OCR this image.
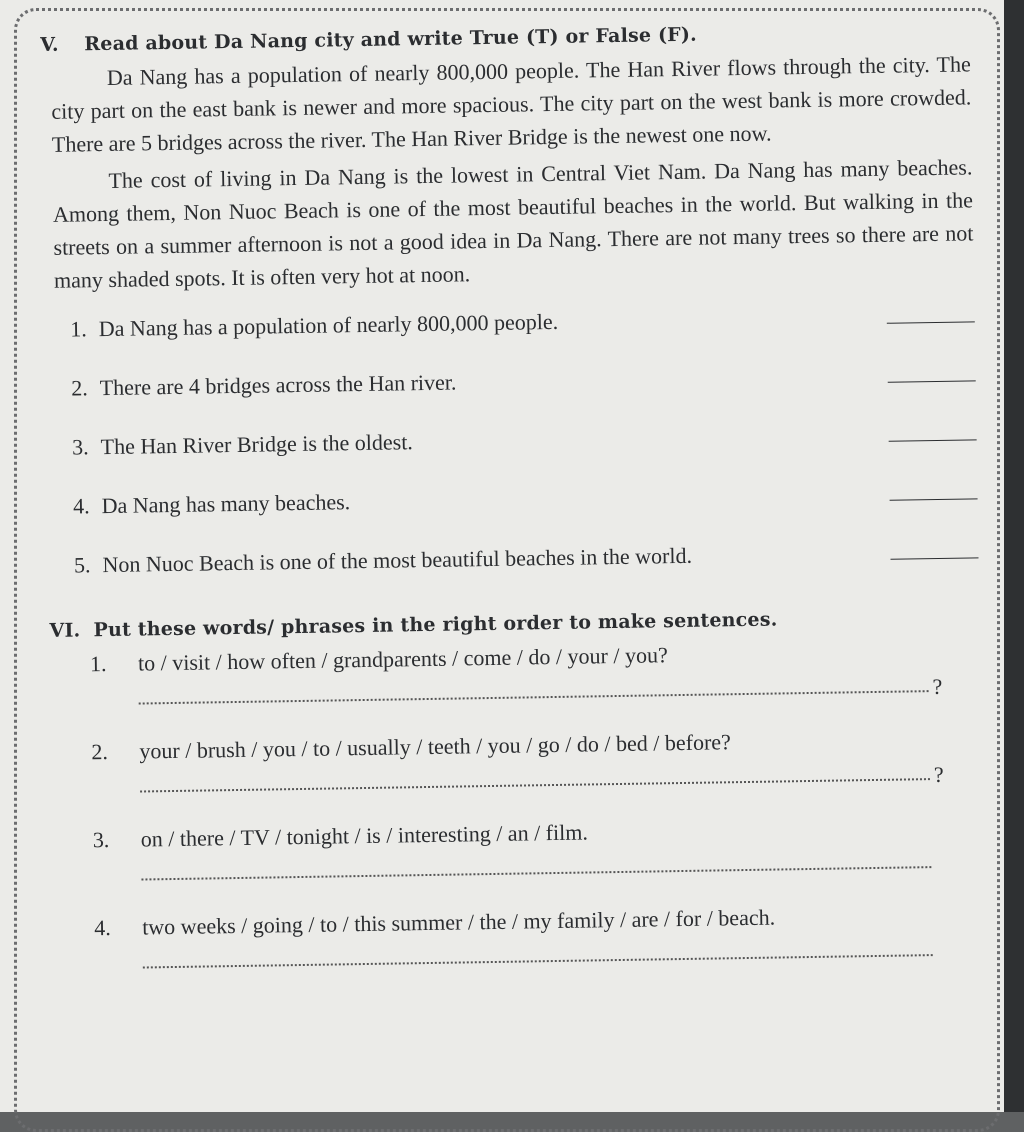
V. Read about Da Nang city and write True (T) or False (F).

Da Nang has a population of nearly 800,000 people. The Han River flows through the city. The city part on the east bank is newer and more spacious. The city part on the west bank is more crowded. There are 5 bridges across the river. The Han River Bridge is the newest one now.

The cost of living in Da Nang is the lowest in Central Viet Nam. Da Nang has many beaches. Among them, Non Nuoc Beach is one of the most beautiful beaches in the world. But walking in the streets on a summer afternoon is not a good idea in Da Nang. There are not many trees so there are not many shaded spots. It is often very hot at noon.

1. Da Nang has a population of nearly 800,000 people.
2. There are 4 bridges across the Han river.
3. The Han River Bridge is the oldest.
4. Da Nang has many beaches.
5. Non Nuoc Beach is one of the most beautiful beaches in the world.
VI. Put these words/ phrases in the right order to make sentences.
1.	to / visit / how often / grandparents / come / do / your / you?
?
2.	your / brush / you / to / usually / teeth / you / go / do / bed / before?
?
3.	on / there / TV / tonight / is / interesting / an / film.
4.	two weeks / going / to / this summer / the / my family / are / for / beach.
